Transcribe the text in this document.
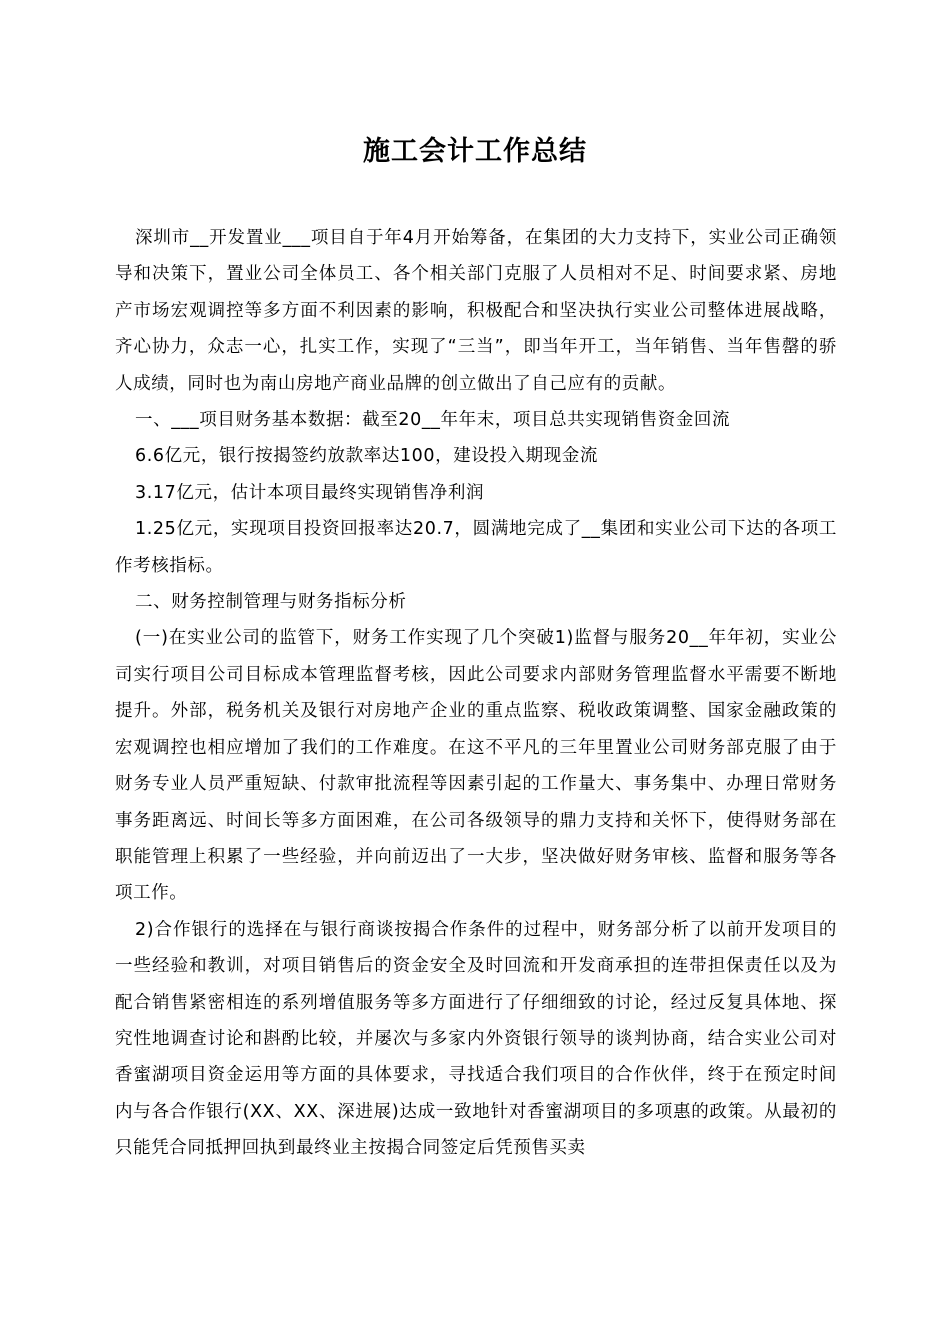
施工会计工作总结

深圳市__开发置业___项目自于年4月开始筹备，在集团的大力支持下，实业公司正确领导和决策下，置业公司全体员工、各个相关部门克服了人员相对不足、时间要求紧、房地产市场宏观调控等多方面不利因素的影响，积极配合和坚决执行实业公司整体进展战略，齐心协力，众志一心，扎实工作，实现了“三当”，即当年开工，当年销售、当年售罄的骄人成绩，同时也为南山房地产商业品牌的创立做出了自己应有的贡献。

一、___项目财务基本数据：截至20__年年末，项目总共实现销售资金回流

6.6亿元，银行按揭签约放款率达100，建设投入期现金流

3.17亿元，估计本项目最终实现销售净利润

1.25亿元，实现项目投资回报率达20.7，圆满地完成了__集团和实业公司下达的各项工作考核指标。

二、财务控制管理与财务指标分析

(一)在实业公司的监管下，财务工作实现了几个突破1)监督与服务20__年年初，实业公司实行项目公司目标成本管理监督考核，因此公司要求内部财务管理监督水平需要不断地提升。外部，税务机关及银行对房地产企业的重点监察、税收政策调整、国家金融政策的宏观调控也相应增加了我们的工作难度。在这不平凡的三年里置业公司财务部克服了由于财务专业人员严重短缺、付款审批流程等因素引起的工作量大、事务集中、办理日常财务事务距离远、时间长等多方面困难，在公司各级领导的鼎力支持和关怀下，使得财务部在职能管理上积累了一些经验，并向前迈出了一大步，坚决做好财务审核、监督和服务等各项工作。

2)合作银行的选择在与银行商谈按揭合作条件的过程中，财务部分析了以前开发项目的一些经验和教训，对项目销售后的资金安全及时回流和开发商承担的连带担保责任以及为配合销售紧密相连的系列增值服务等多方面进行了仔细细致的讨论，经过反复具体地、探究性地调查讨论和斟酌比较，并屡次与多家内外资银行领导的谈判协商，结合实业公司对香蜜湖项目资金运用等方面的具体要求，寻找适合我们项目的合作伙伴，终于在预定时间内与各合作银行(XX、XX、深进展)达成一致地针对香蜜湖项目的多项惠的政策。从最初的只能凭合同抵押回执到最终业主按揭合同签定后凭预售买卖
